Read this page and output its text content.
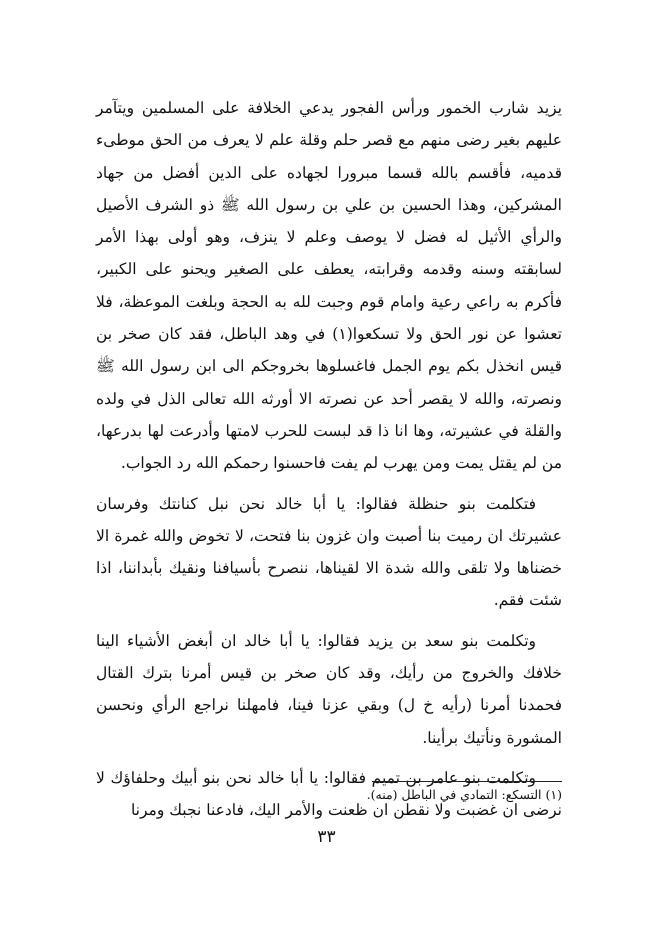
يزيد شارب الخمور ورأس الفجور يدعي الخلافة على المسلمين ويتآمر عليهم بغير رضى منهم مع قصر حلم وقلة علم لا يعرف من الحق موطىء قدميه، فأقسم بالله قسما مبرورا لجهاده على الدين أفضل من جهاد المشركين، وهذا الحسين بن علي بن رسول الله ﷺ ذو الشرف الأصيل والرأي الأثيل له فضل لا يوصف وعلم لا ينزف، وهو أولى بهذا الأمر لسابقته وسنه وقدمه وقرابته، يعطف على الصغير ويحنو على الكبير، فأكرم به راعي رعية وامام قوم وجبت لله به الحجة وبلغت الموعظة، فلا تعشوا عن نور الحق ولا تسكعوا(١) في وهد الباطل، فقد كان صخر بن قيس انخذل بكم يوم الجمل فاغسلوها بخروجكم الى ابن رسول الله ﷺ ونصرته، والله لا يقصر أحد عن نصرته الا أورثه الله تعالى الذل في ولده والقلة في عشيرته، وها انا ذا قد لبست للحرب لامتها وأدرعت لها بدرعها، من لم يقتل يمت ومن يهرب لم يفت فاحسنوا رحمكم الله رد الجواب.

فتكلمت بنو حنظلة فقالوا: يا أبا خالد نحن نبل كنانتك وفرسان عشيرتك ان رميت بنا أصبت وان غزون بنا فتحت، لا تخوض والله غمرة الا خضناها ولا تلقى والله شدة الا لقيناها، ننصرح بأسيافنا ونقيك بأبداننا، اذا شئت فقم.

وتكلمت بنو سعد بن يزيد فقالوا: يا أبا خالد ان أبغض الأشياء الينا خلافك والخروج من رأيك، وقد كان صخر بن قيس أمرنا بترك القتال فحمدنا أمرنا (رأيه خ ل) وبقي عزنا فينا، فامهلنا نراجع الرأي ونحسن المشورة ونأتيك برأينا.

وتكلمت بنو عامر بن تميم فقالوا: يا أبا خالد نحن بنو أبيك وحلفاؤك لا نرضى ان غضبت ولا نقطن ان ظعنت والأمر اليك، فادعنا نجبك ومرنا

(١) التسكع: التمادي في الباطل (منه).
٣٣
